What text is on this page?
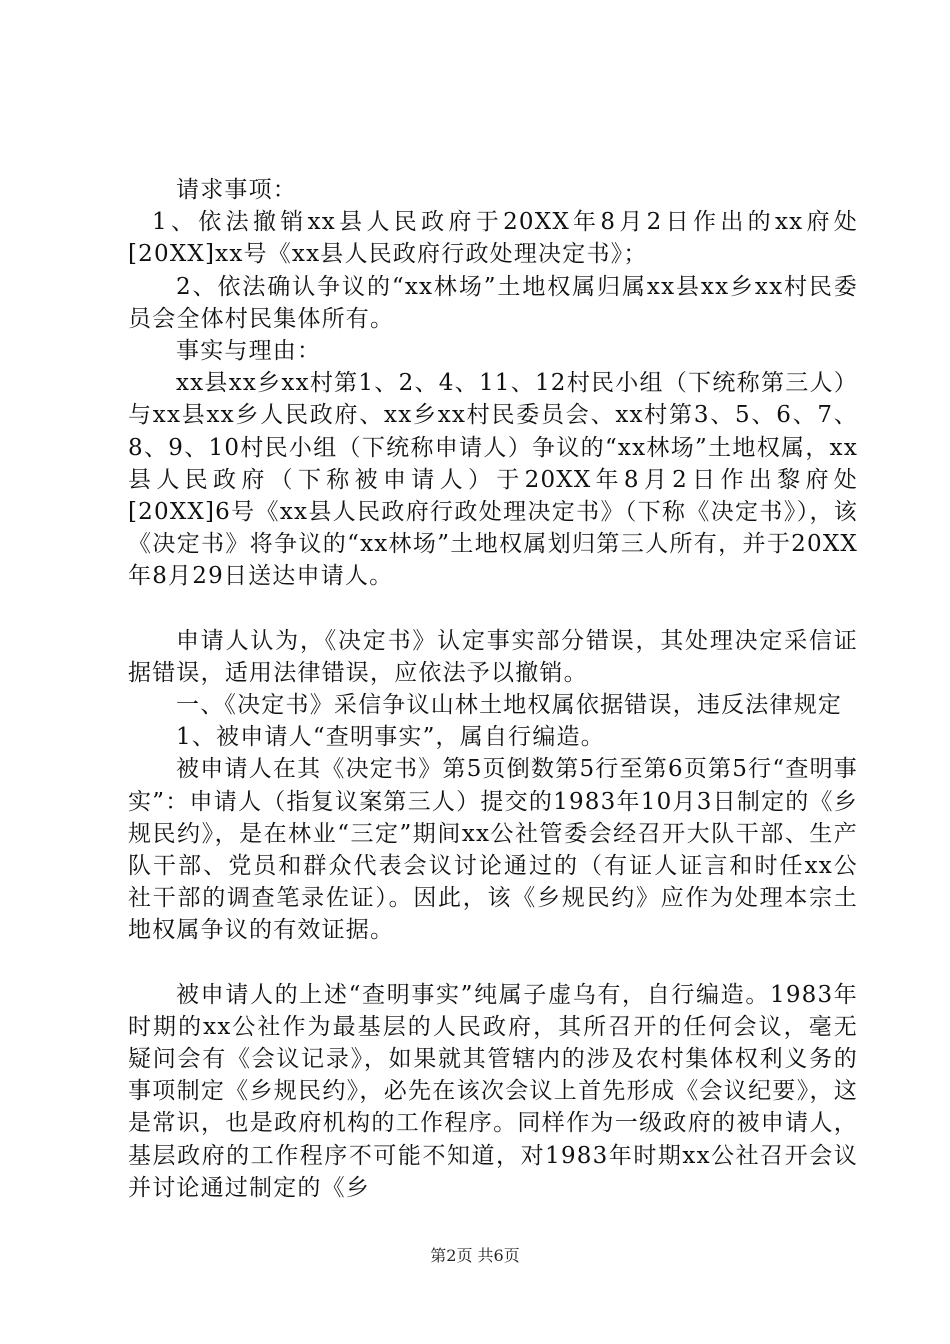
请求事项：

1、依法撤销xx县人民政府于20XX年8月2日作出的xx府处[20XX]xx号《xx县人民政府行政处理决定书》；

2、依法确认争议的“xx林场”土地权属归属xx县xx乡xx村民委员会全体村民集体所有。

事实与理由：

xx县xx乡xx村第1、2、4、11、12村民小组（下统称第三人）与xx县xx乡人民政府、xx乡xx村民委员会、xx村第3、5、6、7、8、9、10村民小组（下统称申请人）争议的“xx林场”土地权属，xx县人民政府（下称被申请人）于20XX年8月2日作出黎府处[20XX]6号《xx县人民政府行政处理决定书》（下称《决定书》），该《决定书》将争议的“xx林场”土地权属划归第三人所有，并于20XX年8月29日送达申请人。

申请人认为，《决定书》认定事实部分错误，其处理决定采信证据错误，适用法律错误，应依法予以撤销。

一、《决定书》采信争议山林土地权属依据错误，违反法律规定

1、被申请人“查明事实”，属自行编造。

被申请人在其《决定书》第5页倒数第5行至第6页第5行“查明事实”：申请人（指复议案第三人）提交的1983年10月3日制定的《乡规民约》，是在林业“三定”期间xx公社管委会经召开大队干部、生产队干部、党员和群众代表会议讨论通过的（有证人证言和时任xx公社干部的调查笔录佐证）。因此，该《乡规民约》应作为处理本宗土地权属争议的有效证据。

被申请人的上述“查明事实”纯属子虚乌有，自行编造。1983年时期的xx公社作为最基层的人民政府，其所召开的任何会议，毫无疑问会有《会议记录》，如果就其管辖内的涉及农村集体权利义务的事项制定《乡规民约》，必先在该次会议上首先形成《会议纪要》，这是常识，也是政府机构的工作程序。同样作为一级政府的被申请人，基层政府的工作程序不可能不知道，对1983年时期xx公社召开会议并讨论通过制定的《乡

第2页 共6页
